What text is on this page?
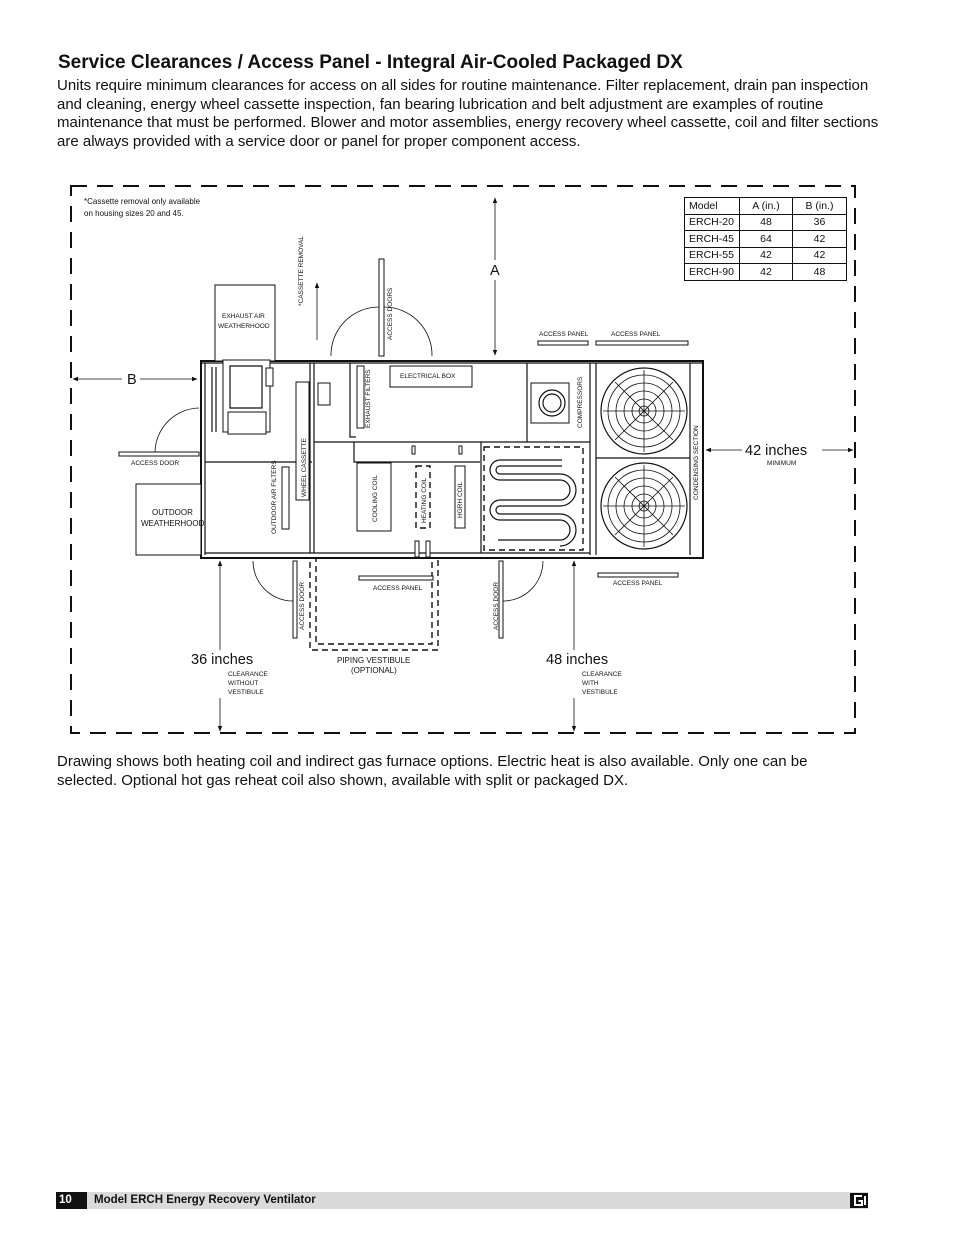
Service Clearances / Access Panel - Integral Air-Cooled Packaged DX

Units require minimum clearances for access on all sides for routine maintenance. Filter replacement, drain pan inspection and cleaning, energy wheel cassette inspection, fan bearing lubrication and belt adjustment are examples of routine maintenance that must be performed. Blower and motor assemblies, energy recovery wheel cassette, coil and filter sections are always provided with a service door or panel for proper component access.

*Cassette removal only available
on housing sizes 20 and 45.
A
B
42 inches
MINIMUM
36 inches
CLEARANCE
WITHOUT
VESTIBULE
48 inches
CLEARANCE
WITH
VESTIBULE
EXHAUST AIR
WEATHERHOOD
*CASSETTE REMOVAL
ACCESS DOORS	ACCESS PANEL	ACCESS PANEL
ELECTRICAL BOX
EXHAUST FILTERS	COMPRESSORS
CONDENSING SECTION
WHEEL CASSETTE
OUTDOOR AIR FILTERS	COOLING COIL	HEATING COIL	HGRH COIL
ACCESS DOOR
OUTDOOR
WEATHERHOOD
ACCESS DOOR
PIPING VESTIBULE
(OPTIONAL)
ACCESS PANEL	ACCESS DOOR	ACCESS PANEL
Model	A (in.)	B (in.)
ERCH-20	48	36
ERCH-45	64	42
ERCH-55	42	42
ERCH-90	42	48

Drawing shows both heating coil and indirect gas furnace options. Electric heat is also available. Only one can be selected. Optional hot gas reheat coil also shown, available with split or packaged DX.

10	Model ERCH Energy Recovery Ventilator
